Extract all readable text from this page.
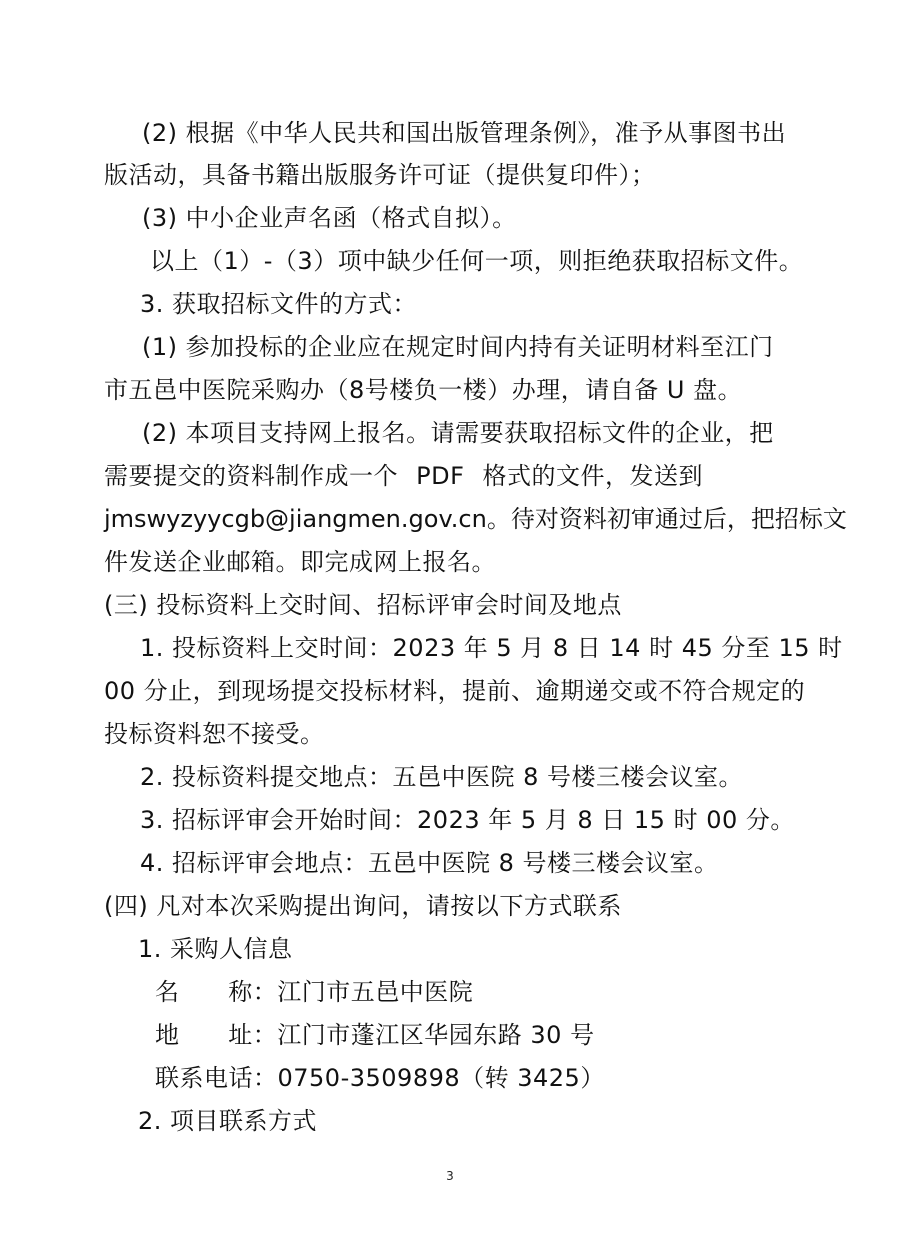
(2) 根据《中华人民共和国出版管理条例》，准予从事图书出
版活动，具备书籍出版服务许可证（提供复印件）；
(3) 中小企业声名函（格式自拟）。
以上（1）-（3）项中缺少任何一项，则拒绝获取招标文件。
3. 获取招标文件的方式：
(1) 参加投标的企业应在规定时间内持有关证明材料至江门
市五邑中医院采购办（8号楼负一楼）办理，请自备 U 盘。
(2) 本项目支持网上报名。请需要获取招标文件的企业，把
需要提交的资料制作成一个 PDF 格式的文件，发送到
jmswyzyycgb@jiangmen.gov.cn。待对资料初审通过后，把招标文
件发送企业邮箱。即完成网上报名。
(三) 投标资料上交时间、招标评审会时间及地点
1. 投标资料上交时间：2023 年 5 月 8 日 14 时 45 分至 15 时
00 分止，到现场提交投标材料，提前、逾期递交或不符合规定的
投标资料恕不接受。
2. 投标资料提交地点：五邑中医院 8 号楼三楼会议室。
3. 招标评审会开始时间：2023 年 5 月 8 日 15 时 00 分。
4. 招标评审会地点：五邑中医院 8 号楼三楼会议室。
(四) 凡对本次采购提出询问，请按以下方式联系
1. 采购人信息
名      称：江门市五邑中医院
地      址：江门市蓬江区华园东路 30 号
联系电话：0750-3509898（转 3425）
2. 项目联系方式
3
